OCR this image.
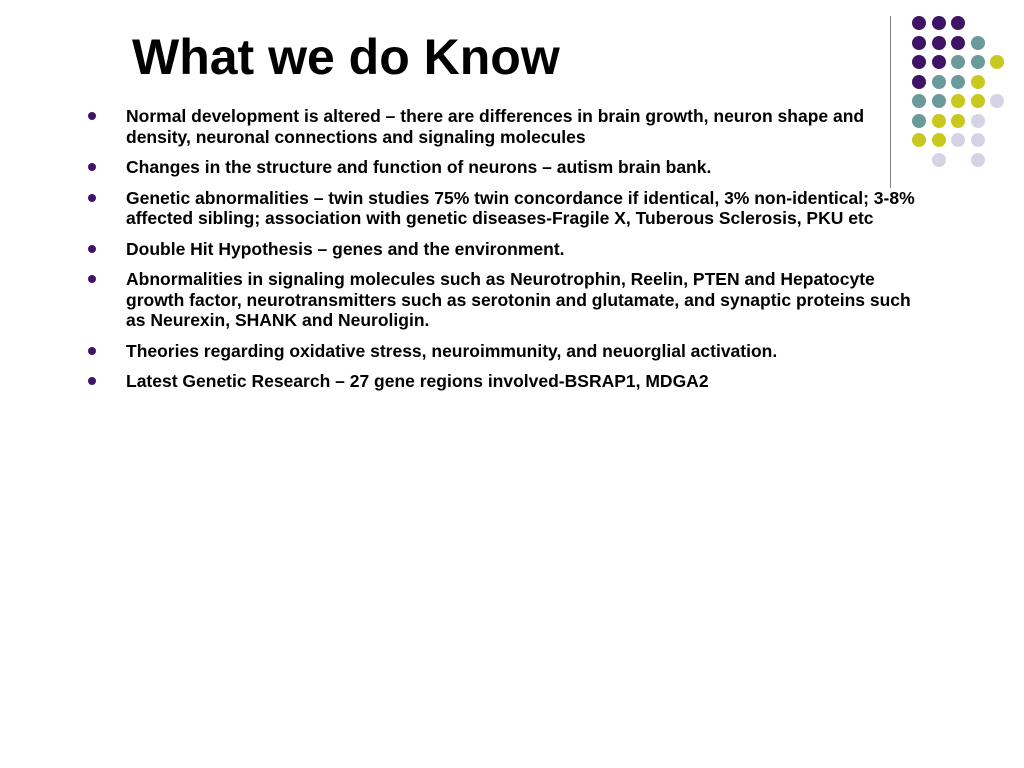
What we do Know
Normal development is altered – there are differences in brain growth, neuron shape and density, neuronal connections and signaling molecules
Changes in the structure and function of neurons – autism brain bank.
Genetic abnormalities – twin studies 75% twin concordance if identical, 3% non-identical; 3-8% affected sibling; association with genetic diseases-Fragile X, Tuberous Sclerosis, PKU etc
Double Hit Hypothesis – genes and the environment.
Abnormalities in signaling molecules such as Neurotrophin, Reelin, PTEN and Hepatocyte growth factor, neurotransmitters such as serotonin and glutamate, and synaptic proteins such as Neurexin, SHANK and Neuroligin.
Theories regarding oxidative stress, neuroimmunity, and neuorglial activation.
Latest Genetic Research – 27 gene regions involved-BSRAP1, MDGA2
